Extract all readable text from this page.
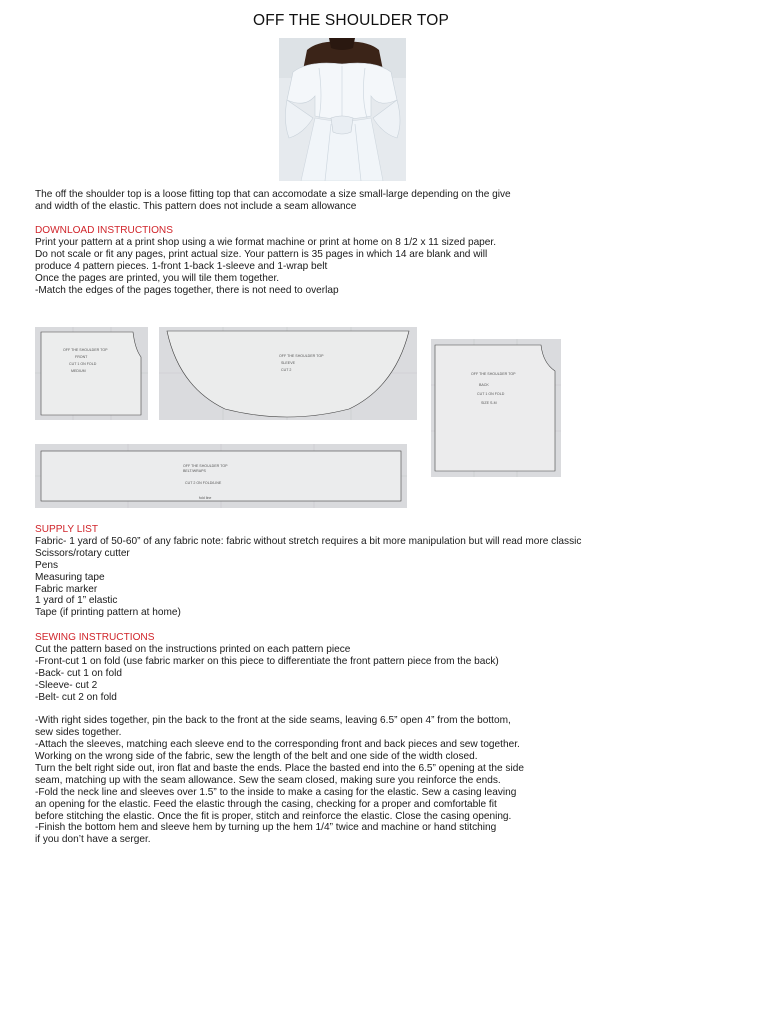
OFF THE SHOULDER TOP
The off the shoulder top is a loose fitting top that can accomodate a size small-large depending on the give
and width of the elastic. This pattern does not include a seam allowance
DOWNLOAD INSTRUCTIONS
Print your pattern at a print shop using a wie format machine or print at home on 8 1/2 x 11 sized paper.
Do not scale or fit any pages, print actual size. Your pattern is 35 pages in which 14 are blank and will
produce 4 pattern pieces. 1-front 1-back 1-sleeve and 1-wrap belt
Once the pages are printed, you will tile them together.
-Match the edges of the pages together, there is not need to overlap
OFF THE SHOULDER TOP
FRONT
CUT 1 ON FOLD
MEDIUM
OFF THE SHOULDER TOP
SLEEVE
CUT 2
OFF THE SHOULDER TOP
BACK
CUT 1 ON FOLD
SIZE S-M
OFF THE SHOULDER TOP
BELT/WRAPS
CUT 2 ON FOLD/LINE
fold line
SUPPLY LIST
Fabric- 1 yard of 50-60” of any fabric note: fabric without stretch requires a bit more manipulation but will read more classic
Scissors/rotary cutter
Pens
Measuring tape
Fabric marker
1 yard of 1” elastic
Tape (if printing pattern at home)
SEWING INSTRUCTIONS
Cut the pattern based on the instructions printed on each pattern piece
-Front-cut 1 on fold (use fabric marker on this piece to differentiate the front pattern piece from the back)
-Back- cut 1 on fold
-Sleeve- cut 2
-Belt- cut 2 on fold
-With right sides together, pin the back to the front at the side seams, leaving 6.5” open 4” from the bottom,
sew sides together.
-Attach the sleeves, matching each sleeve end to the corresponding front and back pieces and sew together.
Working on the wrong side of the fabric, sew the length of the belt and one side of the width closed.
Turn the belt right side out, iron flat and baste the ends. Place the basted end into the 6.5” opening at the side
seam, matching up with the seam allowance. Sew the seam closed, making sure you reinforce the ends.
-Fold the neck line and sleeves over 1.5” to the inside to make a casing for the elastic. Sew a casing leaving
an opening for the elastic. Feed the elastic through the casing, checking for a proper and comfortable fit
before stitching the elastic. Once the fit is proper, stitch and reinforce the elastic. Close the casing opening.
-Finish the bottom hem and sleeve hem by turning up the hem 1/4” twice and machine or hand stitching
if you don’t have a serger.
